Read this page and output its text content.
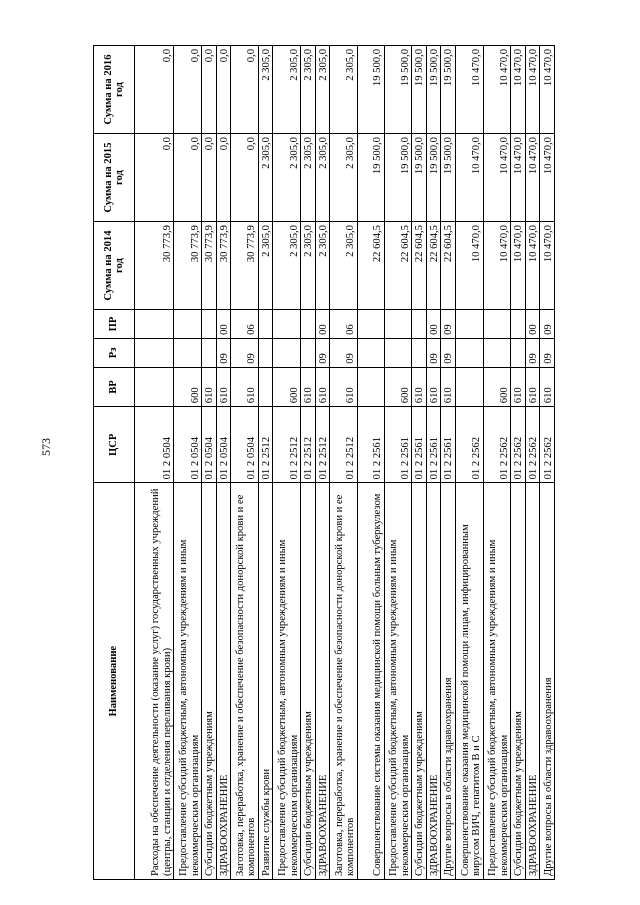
573
Наименование	ЦСР	ВР	Рз	ПР	Сумма на 2014 год	Сумма на 2015 год	Сумма на 2016 год
Расходы на обеспечение деятельности (оказание услуг) государственных учреждений (центры, станции и отделения переливания крови)	01 2 0504				30 773,9	0,0	0,0
Предоставление субсидий бюджетным, автономным учреждениям и иным некоммерческим организациям	01 2 0504	600			30 773,9	0,0	0,0
Субсидии бюджетным учреждениям	01 2 0504	610			30 773,9	0,0	0,0
ЗДРАВООХРАНЕНИЕ	01 2 0504	610	09	00	30 773,9	0,0	0,0
Заготовка, переработка, хранение и обеспечение безопасности донорской крови и ее компонентов	01 2 0504	610	09	06	30 773,9	0,0	0,0
Развитие службы крови	01 2 2512				2 305,0	2 305,0	2 305,0
Предоставление субсидий бюджетным, автономным учреждениям и иным некоммерческим организациям	01 2 2512	600			2 305,0	2 305,0	2 305,0
Субсидии бюджетным учреждениям	01 2 2512	610			2 305,0	2 305,0	2 305,0
ЗДРАВООХРАНЕНИЕ	01 2 2512	610	09	00	2 305,0	2 305,0	2 305,0
Заготовка, переработка, хранение и обеспечение безопасности донорской крови и ее компонентов	01 2 2512	610	09	06	2 305,0	2 305,0	2 305,0
Совершенствование системы оказания медицинской помощи больным туберкулезом	01 2 2561				22 604,5	19 500,0	19 500,0
Предоставление субсидий бюджетным, автономным учреждениям и иным некоммерческим организациям	01 2 2561	600			22 604,5	19 500,0	19 500,0
Субсидии бюджетным учреждениям	01 2 2561	610			22 604,5	19 500,0	19 500,0
ЗДРАВООХРАНЕНИЕ	01 2 2561	610	09	00	22 604,5	19 500,0	19 500,0
Другие вопросы в области здравоохранения	01 2 2561	610	09	09	22 604,5	19 500,0	19 500,0
Совершенствование оказания медицинской помощи лицам, инфицированным вирусом ВИЧ, гепатитом В и С	01 2 2562				10 470,0	10 470,0	10 470,0
Предоставление субсидий бюджетным, автономным учреждениям и иным некоммерческим организациям	01 2 2562	600			10 470,0	10 470,0	10 470,0
Субсидии бюджетным учреждениям	01 2 2562	610			10 470,0	10 470,0	10 470,0
ЗДРАВООХРАНЕНИЕ	01 2 2562	610	09	00	10 470,0	10 470,0	10 470,0
Другие вопросы в области здравоохранения	01 2 2562	610	09	09	10 470,0	10 470,0	10 470,0
